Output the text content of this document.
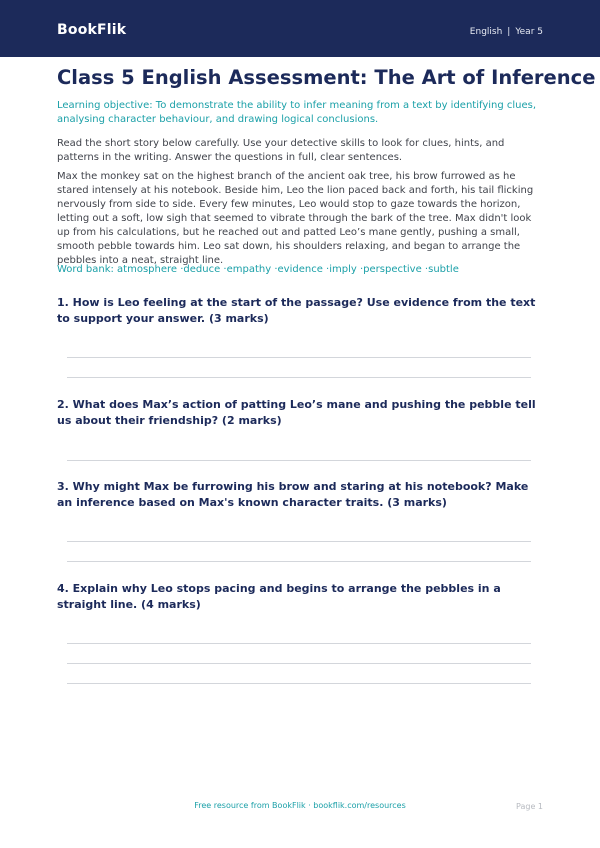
BookFlik	English | Year 5
Class 5 English Assessment: The Art of Inference
Learning objective: To demonstrate the ability to infer meaning from a text by identifying clues, analysing character behaviour, and drawing logical conclusions.
Read the short story below carefully. Use your detective skills to look for clues, hints, and patterns in the writing. Answer the questions in full, clear sentences.
Max the monkey sat on the highest branch of the ancient oak tree, his brow furrowed as he stared intensely at his notebook. Beside him, Leo the lion paced back and forth, his tail flicking nervously from side to side. Every few minutes, Leo would stop to gaze towards the horizon, letting out a soft, low sigh that seemed to vibrate through the bark of the tree. Max didn't look up from his calculations, but he reached out and patted Leo’s mane gently, pushing a small, smooth pebble towards him. Leo sat down, his shoulders relaxing, and began to arrange the pebbles into a neat, straight line.
Word bank: atmosphere · deduce · empathy · evidence · imply · perspective · subtle

1. How is Leo feeling at the start of the passage? Use evidence from the text to support your answer. (3 marks)

2. What does Max’s action of patting Leo’s mane and pushing the pebble tell us about their friendship? (2 marks)

3. Why might Max be furrowing his brow and staring at his notebook? Make an inference based on Max's known character traits. (3 marks)

4. Explain why Leo stops pacing and begins to arrange the pebbles in a straight line. (4 marks)

Free resource from BookFlik · bookflik.com/resources	Page 1
